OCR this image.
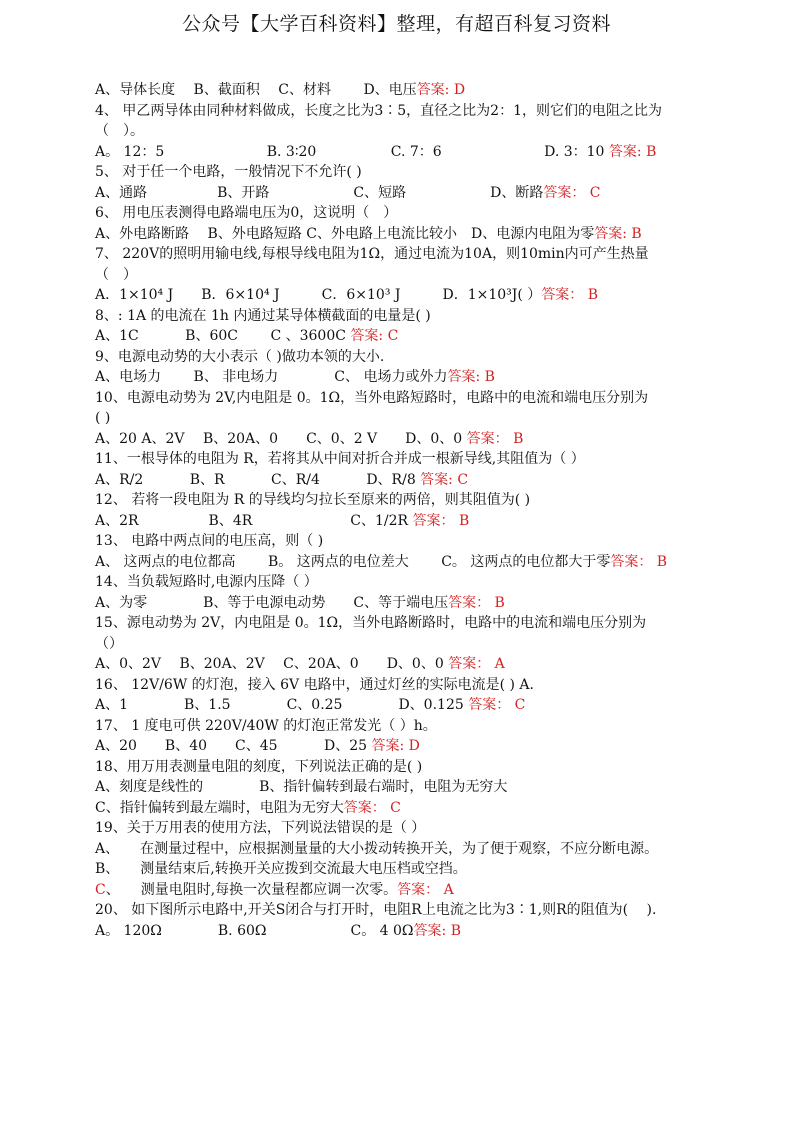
公众号【大学百科资料】整理，有超百科复习资料
A、导体长度　 B、截面积　 C、材料　　 D、电压答案: D
4、 甲乙两导体由同种材料做成，长度之比为3∶5，直径之比为2：1，则它们的电阻之比为
（　）。
A。 12：5　　　　　　　 B. 3∶20　　　　　 C. 7：6　　　　　　　 D. 3：10 答案: B
5、 对于任一个电路，一般情况下不允许( )
A、通路　　　　　B、开路　　　　　　C、短路　　　　　　D、断路答案： C
6、 用电压表测得电路端电压为0，这说明（　）
A、外电路断路　 B、外电路短路 C、外电路上电流比较小　D、电源内电阻为零答案: B
7、 220V的照明用输电线,每根导线电阻为1Ω，通过电流为10A，则10min内可产生热量
（　）
A．1×10⁴ J　　B．6×10⁴ J　　　C．6×10³ J　　　D．1×10³J( ）答案： B
8、: 1A 的电流在 1h 内通过某导体横截面的电量是( )
A、1C　　　 B、60C　　 C 、3600C 答案: C
9、电源电动势的大小表示（ )做功本领的大小.
A、电场力　　 B、 非电场力　　　　C、 电场力或外力答案: B
10、电源电动势为 2V,内电阻是 0。1Ω，当外电路短路时，电路中的电流和端电压分别为
( )
A、20 A、2V　 B、20A、0　　C、0、2 V　　D、0、0 答案： B
11、一根导体的电阻为 R，若将其从中间对折合并成一根新导线,其阻值为（ ）
A、R/2　　　 B、R　　　 C、R/4　　　 D、R/8 答案: C
12、 若将一段电阻为 R 的导线均匀拉长至原来的两倍，则其阻值为( )
A、2R　　　　　B、4R　　　　　　　C、1/2R 答案： B
13、 电路中两点间的电压高，则（ )
A、 这两点的电位都高　　 B。 这两点的电位差大　　 C。 这两点的电位都大于零答案： B
14、当负载短路时,电源内压降（ ）
A、为零　　　　B、等于电源电动势　　C、等于端电压答案： B
15、源电动势为 2V，内电阻是 0。1Ω，当外电路断路时，电路中的电流和端电压分别为
（）
A、0、2V　 B、20A、2V　 C、20A、0　　D、0、0 答案： A
16、 12V/6W 的灯泡，接入 6V 电路中，通过灯丝的实际电流是( ) A.
A、1　　　　B、1.5　　　　C、0.25　　　　D、0.125 答案： C
17、 1 度电可供 220V/40W 的灯泡正常发光（ ）h。
A、20　　B、40　　C、45　　　 D、25 答案: D
18、用万用表测量电阻的刻度，下列说法正确的是( )
A、刻度是线性的　　　　B、指针偏转到最右端时，电阻为无穷大
C、指针偏转到最左端时，电阻为无穷大答案： C
19、关于万用表的使用方法，下列说法错误的是（ ）
A、　　在测量过程中，应根据测量量的大小拨动转换开关，为了便于观察，不应分断电源。
B、　　测量结束后,转换开关应拨到交流最大电压档或空挡。
C、　　测量电阻时,每换一次量程都应调一次零。答案： A
20、 如下图所示电路中,开关S闭合与打开时，电阻R上电流之比为3∶1,则R的阻值为(　 ).
A。 120Ω　　　　B. 60Ω　　　　　　C。 4 0Ω答案: B
